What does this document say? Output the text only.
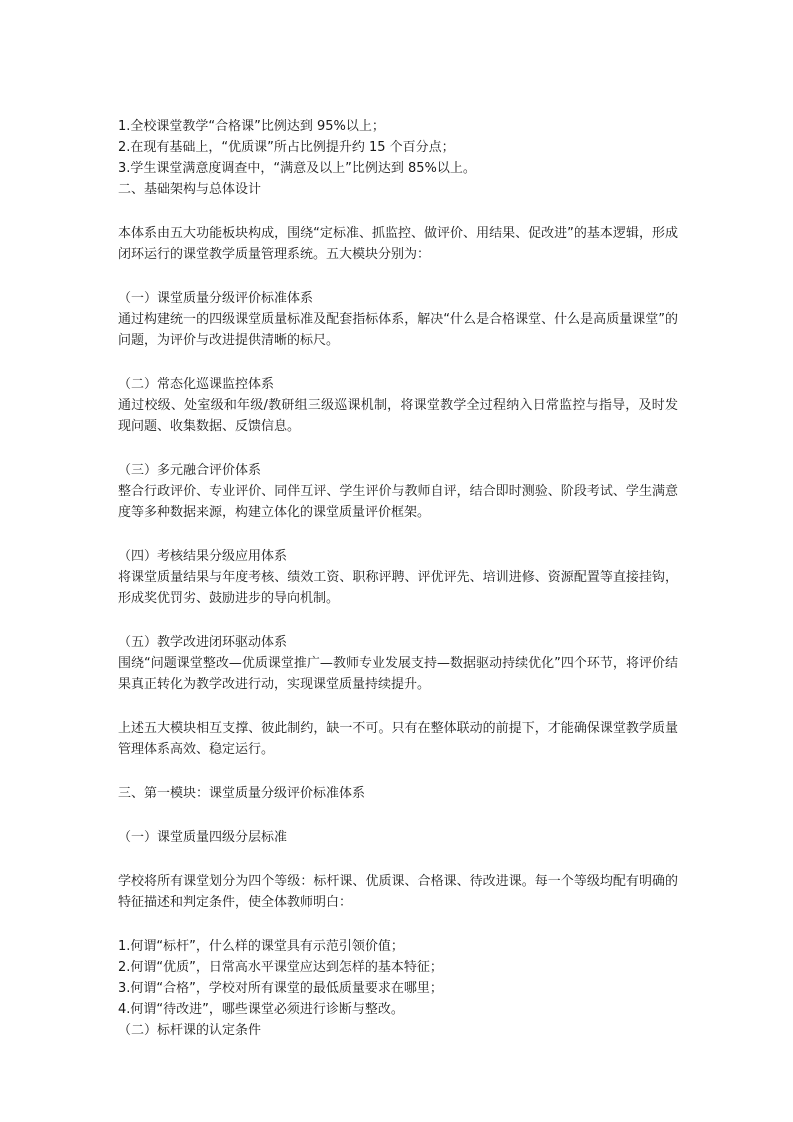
1.全校课堂教学“合格课”比例达到 95%以上；

2.在现有基础上，“优质课”所占比例提升约 15 个百分点；

3.学生课堂满意度调查中，“满意及以上”比例达到 85%以上。

二、基础架构与总体设计

本体系由五大功能板块构成，围绕“定标准、抓监控、做评价、用结果、促改进”的基本逻辑，形成闭环运行的课堂教学质量管理系统。五大模块分别为：

（一）课堂质量分级评价标准体系

通过构建统一的四级课堂质量标准及配套指标体系，解决“什么是合格课堂、什么是高质量课堂”的问题，为评价与改进提供清晰的标尺。

（二）常态化巡课监控体系

通过校级、处室级和年级/教研组三级巡课机制，将课堂教学全过程纳入日常监控与指导，及时发现问题、收集数据、反馈信息。

（三）多元融合评价体系

整合行政评价、专业评价、同伴互评、学生评价与教师自评，结合即时测验、阶段考试、学生满意度等多种数据来源，构建立体化的课堂质量评价框架。

（四）考核结果分级应用体系

将课堂质量结果与年度考核、绩效工资、职称评聘、评优评先、培训进修、资源配置等直接挂钩，形成奖优罚劣、鼓励进步的导向机制。

（五）教学改进闭环驱动体系

围绕“问题课堂整改—优质课堂推广—教师专业发展支持—数据驱动持续优化”四个环节，将评价结果真正转化为教学改进行动，实现课堂质量持续提升。

上述五大模块相互支撑、彼此制约，缺一不可。只有在整体联动的前提下，才能确保课堂教学质量管理体系高效、稳定运行。

三、第一模块：课堂质量分级评价标准体系

（一）课堂质量四级分层标准

学校将所有课堂划分为四个等级：标杆课、优质课、合格课、待改进课。每一个等级均配有明确的特征描述和判定条件，使全体教师明白：

1.何谓“标杆”，什么样的课堂具有示范引领价值；

2.何谓“优质”，日常高水平课堂应达到怎样的基本特征；

3.何谓“合格”，学校对所有课堂的最低质量要求在哪里；

4.何谓“待改进”，哪些课堂必须进行诊断与整改。

（二）标杆课的认定条件
